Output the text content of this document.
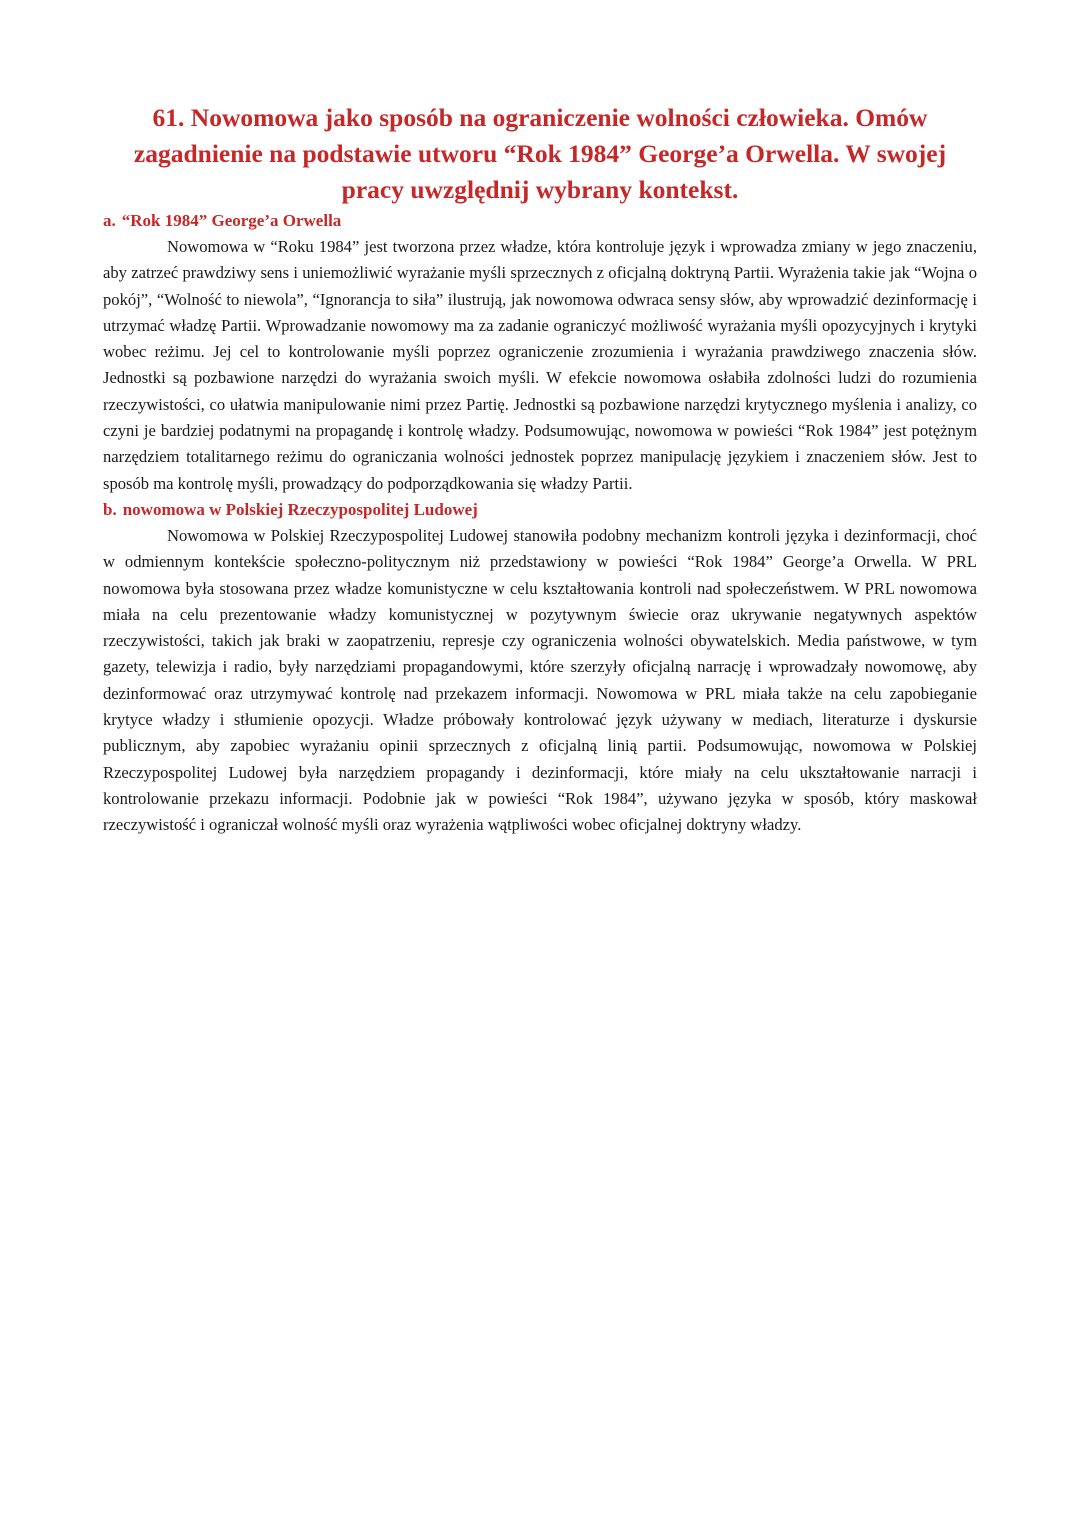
61. Nowomowa jako sposób na ograniczenie wolności człowieka. Omów zagadnienie na podstawie utworu “Rok 1984” George’a Orwella. W swojej pracy uwzględnij wybrany kontekst.
a. “Rok 1984” George’a Orwella

Nowomowa w “Roku 1984” jest tworzona przez władze, która kontroluje język i wprowadza zmiany w jego znaczeniu, aby zatrzeć prawdziwy sens i uniemożliwić wyrażanie myśli sprzecznych z oficjalną doktryną Partii. Wyrażenia takie jak “Wojna o pokój”, “Wolność to niewola”, “Ignorancja to siła” ilustrują, jak nowomowa odwraca sensy słów, aby wprowadzić dezinformację i utrzymać władzę Partii. Wprowadzanie nowomowy ma za zadanie ograniczyć możliwość wyrażania myśli opozycyjnych i krytyki wobec reżimu. Jej cel to kontrolowanie myśli poprzez ograniczenie zrozumienia i wyrażania prawdziwego znaczenia słów. Jednostki są pozbawione narzędzi do wyrażania swoich myśli. W efekcie nowomowa osłabiła zdolności ludzi do rozumienia rzeczywistości, co ułatwia manipulowanie nimi przez Partię. Jednostki są pozbawione narzędzi krytycznego myślenia i analizy, co czyni je bardziej podatnymi na propagandę i kontrolę władzy. Podsumowując, nowomowa w powieści “Rok 1984” jest potężnym narzędziem totalitarnego reżimu do ograniczania wolności jednostek poprzez manipulację językiem i znaczeniem słów. Jest to sposób ma kontrolę myśli, prowadzący do podporządkowania się władzy Partii.

b. nowomowa w Polskiej Rzeczypospolitej Ludowej

Nowomowa w Polskiej Rzeczypospolitej Ludowej stanowiła podobny mechanizm kontroli języka i dezinformacji, choć w odmiennym kontekście społeczno-politycznym niż przedstawiony w powieści “Rok 1984” George’a Orwella. W PRL nowomowa była stosowana przez władze komunistyczne w celu kształtowania kontroli nad społeczeństwem. W PRL nowomowa miała na celu prezentowanie władzy komunistycznej w pozytywnym świecie oraz ukrywanie negatywnych aspektów rzeczywistości, takich jak braki w zaopatrzeniu, represje czy ograniczenia wolności obywatelskich. Media państwowe, w tym gazety, telewizja i radio, były narzędziami propagandowymi, które szerzyły oficjalną narrację i wprowadzały nowomowę, aby dezinformować oraz utrzymywać kontrolę nad przekazem informacji. Nowomowa w PRL miała także na celu zapobieganie krytyce władzy i stłumienie opozycji. Władze próbowały kontrolować język używany w mediach, literaturze i dyskursie publicznym, aby zapobiec wyrażaniu opinii sprzecznych z oficjalną linią partii. Podsumowując, nowomowa w Polskiej Rzeczypospolitej Ludowej była narzędziem propagandy i dezinformacji, które miały na celu ukształtowanie narracji i kontrolowanie przekazu informacji. Podobnie jak w powieści “Rok 1984”, używano języka w sposób, który maskował rzeczywistość i ograniczał wolność myśli oraz wyrażenia wątpliwości wobec oficjalnej doktryny władzy.
